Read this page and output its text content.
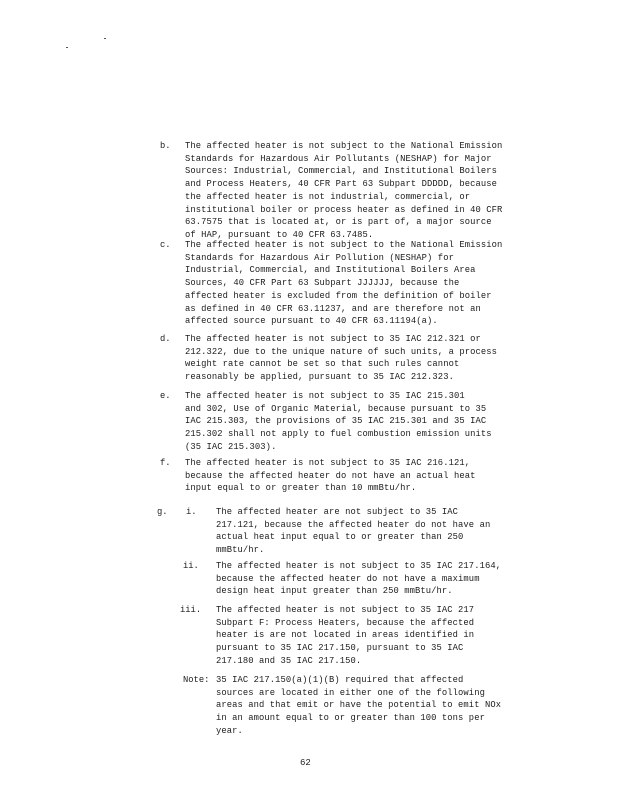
b. The affected heater is not subject to the National Emission
Standards for Hazardous Air Pollutants (NESHAP) for Major
Sources: Industrial, Commercial, and Institutional Boilers
and Process Heaters, 40 CFR Part 63 Subpart DDDDD, because
the affected heater is not industrial, commercial, or
institutional boiler or process heater as defined in 40 CFR
63.7575 that is located at, or is part of, a major source
of HAP, pursuant to 40 CFR 63.7485.
c. The affected heater is not subject to the National Emission
Standards for Hazardous Air Pollution (NESHAP) for
Industrial, Commercial, and Institutional Boilers Area
Sources, 40 CFR Part 63 Subpart JJJJJJ, because the
affected heater is excluded from the definition of boiler
as defined in 40 CFR 63.11237, and are therefore not an
affected source pursuant to 40 CFR 63.11194(a).
d. The affected heater is not subject to 35 IAC 212.321 or
212.322, due to the unique nature of such units, a process
weight rate cannot be set so that such rules cannot
reasonably be applied, pursuant to 35 IAC 212.323.
e. The affected heater is not subject to 35 IAC 215.301
and 302, Use of Organic Material, because pursuant to 35
IAC 215.303, the provisions of 35 IAC 215.301 and 35 IAC
215.302 shall not apply to fuel combustion emission units
(35 IAC 215.303).
f. The affected heater is not subject to 35 IAC 216.121,
because the affected heater do not have an actual heat
input equal to or greater than 10 mmBtu/hr.
g. i. The affected heater are not subject to 35 IAC
217.121, because the affected heater do not have an
actual heat input equal to or greater than 250
mmBtu/hr.
ii. The affected heater is not subject to 35 IAC 217.164,
because the affected heater do not have a maximum
design heat input greater than 250 mmBtu/hr.
iii. The affected heater is not subject to 35 IAC 217
Subpart F: Process Heaters, because the affected
heater is are not located in areas identified in
pursuant to 35 IAC 217.150, pursuant to 35 IAC
217.180 and 35 IAC 217.150.
Note: 35 IAC 217.150(a)(1)(B) required that affected
sources are located in either one of the following
areas and that emit or have the potential to emit NOx
in an amount equal to or greater than 100 tons per
year.
62
